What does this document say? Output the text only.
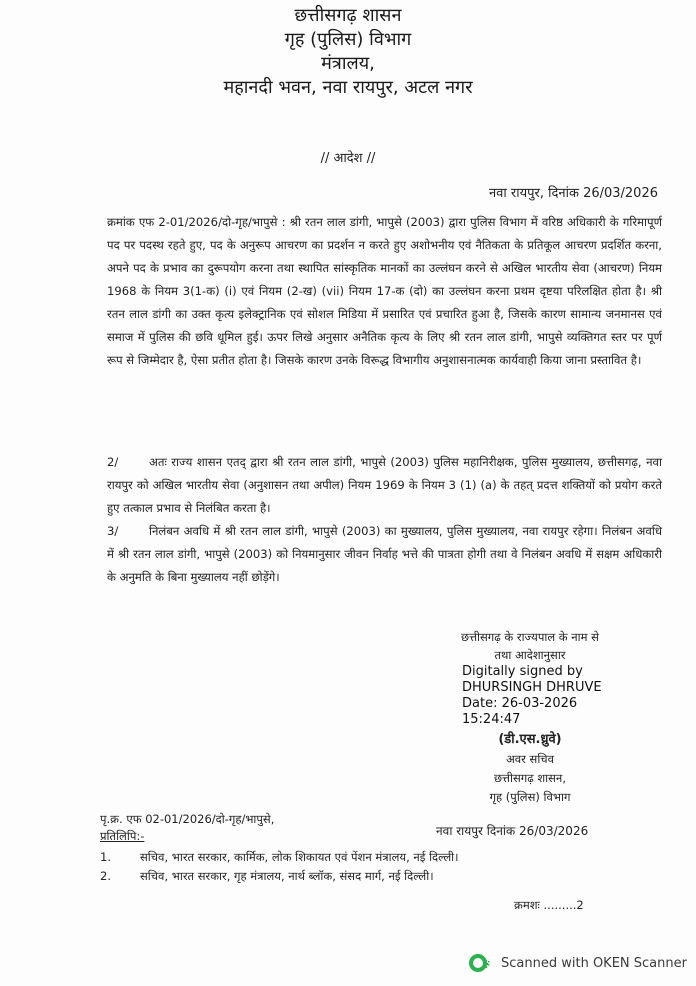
छत्तीसगढ़ शासन
गृह (पुलिस) विभाग
मंत्रालय,
महानदी भवन, नवा रायपुर, अटल नगर
// आदेश //
नवा रायपुर, दिनांक 26/03/2026
क्रमांक एफ 2-01/2026/दो-गृह/भापुसे : श्री रतन लाल डांगी, भापुसे (2003) द्वारा पुलिस विभाग में वरिष्ठ अधिकारी के गरिमापूर्ण पद पर पदस्थ रहते हुए, पद के अनुरूप आचरण का प्रदर्शन न करते हुए अशोभनीय एवं नैतिकता के प्रतिकूल आचरण प्रदर्शित करना, अपने पद के प्रभाव का दुरूपयोग करना तथा स्थापित सांस्कृतिक मानकों का उल्लंघन करने से अखिल भारतीय सेवा (आचरण) नियम 1968 के नियम 3(1-क) (i) एवं नियम (2-ख) (vii) नियम 17-क (दो) का उल्लंघन करना प्रथम दृष्टया परिलक्षित होता है। श्री रतन लाल डांगी का उक्त कृत्य इलेक्ट्रानिक एवं सोशल मिडिया में प्रसारित एवं प्रचारित हुआ है, जिसके कारण सामान्य जनमानस एवं समाज में पुलिस की छवि धूमिल हुई। ऊपर लिखे अनुसार अनैतिक कृत्य के लिए श्री रतन लाल डांगी, भापुसे व्यक्तिगत स्तर पर पूर्ण रूप से जिम्मेदार है, ऐसा प्रतीत होता है। जिसके कारण उनके विरूद्ध विभागीय अनुशासनात्मक कार्यवाही किया जाना प्रस्तावित है।
2/	अतः राज्य शासन एतद् द्वारा श्री रतन लाल डांगी, भापुसे (2003) पुलिस महानिरीक्षक, पुलिस मुख्यालय, छत्तीसगढ़, नवा रायपुर को अखिल भारतीय सेवा (अनुशासन तथा अपील) नियम 1969 के नियम 3 (1) (a) के तहत् प्रदत्त शक्तियों को प्रयोग करते हुए तत्काल प्रभाव से निलंबित करता है।
3/	निलंबन अवधि में श्री रतन लाल डांगी, भापुसे (2003) का मुख्यालय, पुलिस मुख्यालय, नवा रायपुर रहेगा। निलंबन अवधि में श्री रतन लाल डांगी, भापुसे (2003) को नियमानुसार जीवन निर्वाह भत्ते की पात्रता होगी तथा वे निलंबन अवधि में सक्षम अधिकारी के अनुमति के बिना मुख्यालय नहीं छोड़ेंगे।
छत्तीसगढ़ के राज्यपाल के नाम से
तथा आदेशानुसार
Digitally signed by
DHURSINGH DHRUVE
Date: 26-03-2026
15:24:47
(डी.एस.ध्रुवे)
अवर सचिव
छत्तीसगढ़ शासन,
गृह (पुलिस) विभाग
पृ.क्र. एफ 02-01/2026/दो-गृह/भापुसे,
प्रतिलिपि:-	नवा रायपुर दिनांक 26/03/2026
1.	सचिव, भारत सरकार, कार्मिक, लोक शिकायत एवं पेंशन मंत्रालय, नई दिल्ली।
2.	सचिव, भारत सरकार, गृह मंत्रालय, नार्थ ब्लॉक, संसद मार्ग, नई दिल्ली।
क्रमशः .........2
Scanned with OKEN Scanner
